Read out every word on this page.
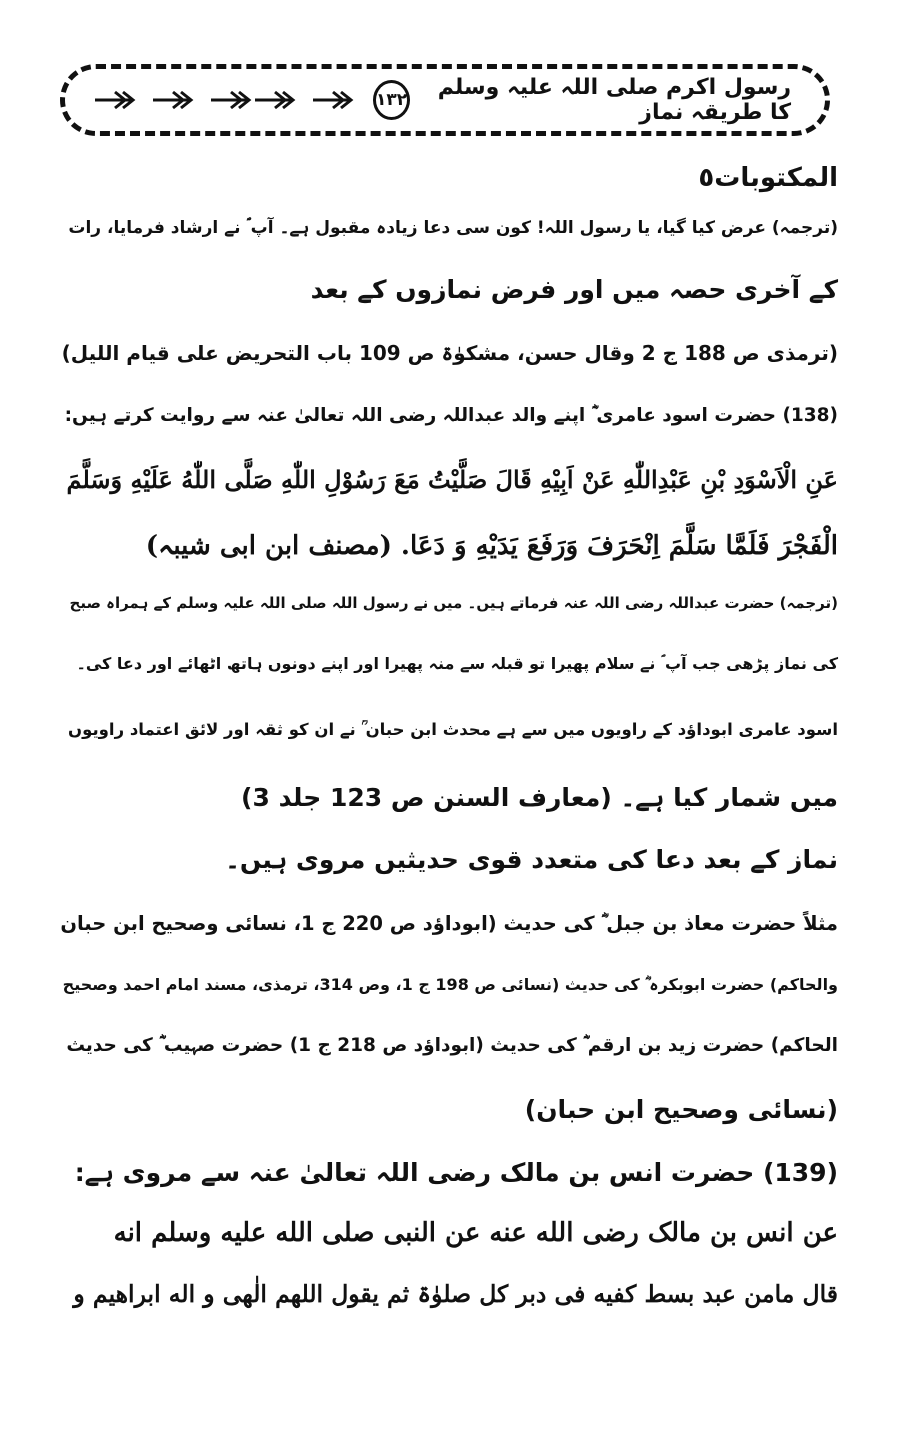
رسول اکرم صلی اللہ علیہ وسلم کا طریقہ نماز
۱۳۲
المکتوبات٥
(ترجمہ) عرض کیا گیا، یا رسول اللہ! کون سی دعا زیادہ مقبول ہے۔ آپ ؐ نے ارشاد فرمایا، رات
کے آخری حصہ میں اور فرض نمازوں کے بعد
(ترمذی ص 188 ج 2 وقال حسن، مشکوٰۃ ص 109 باب التحریض علی قیام اللیل)
(138) حضرت اسود عامری ؓ اپنے والد عبداللہ رضی اللہ تعالیٰ عنہ سے روایت کرتے ہیں:
عَنِ الْاَسْوَدِ بْنِ عَبْدِاللّٰهِ عَنْ اَبِيْهِ قَالَ صَلَّيْتُ مَعَ رَسُوْلِ اللّٰهِ صَلَّى اللّٰهُ عَلَيْهِ وَسَلَّمَ
الْفَجْرَ فَلَمَّا سَلَّمَ اِنْحَرَفَ وَرَفَعَ يَدَيْهِ وَ دَعَا. (مصنف ابن ابی شیبہ)
(ترجمہ) حضرت عبداللہ رضی اللہ عنہ فرماتے ہیں۔ میں نے رسول اللہ صلی اللہ علیہ وسلم کے ہمراہ صبح
کی نماز پڑھی جب آپ ؐ نے سلام پھیرا تو قبلہ سے منہ پھیرا اور اپنے دونوں ہاتھ اٹھائے اور دعا کی۔
اسود عامری ابوداؤد کے راویوں میں سے ہے محدث ابن حبان ؒ نے ان کو ثقہ اور لائق اعتماد راویوں
میں شمار کیا ہے۔ (معارف السنن ص 123 جلد 3)
نماز کے بعد دعا کی متعدد قوی حدیثیں مروی ہیں۔
مثلاً حضرت معاذ بن جبل ؓ کی حدیث (ابوداؤد ص 220 ج 1، نسائی وصحیح ابن حبان
والحاکم) حضرت ابوبکرہ ؓ کی حدیث (نسائی ص 198 ج 1، وص 314، ترمذی، مسند امام احمد وصحیح
الحاکم) حضرت زید بن ارقم ؓ کی حدیث (ابوداؤد ص 218 ج 1) حضرت صہیب ؓ کی حدیث
(نسائی وصحیح ابن حبان)
(139) حضرت انس بن مالک رضی اللہ تعالیٰ عنہ سے مروی ہے:
عن انس بن مالک رضی الله عنه عن النبی صلی الله علیه وسلم انه
قال مامن عبد بسط کفیه فی دبر کل صلوٰۃ ثم یقول اللهم الٰهی و اله ابراهیم و
